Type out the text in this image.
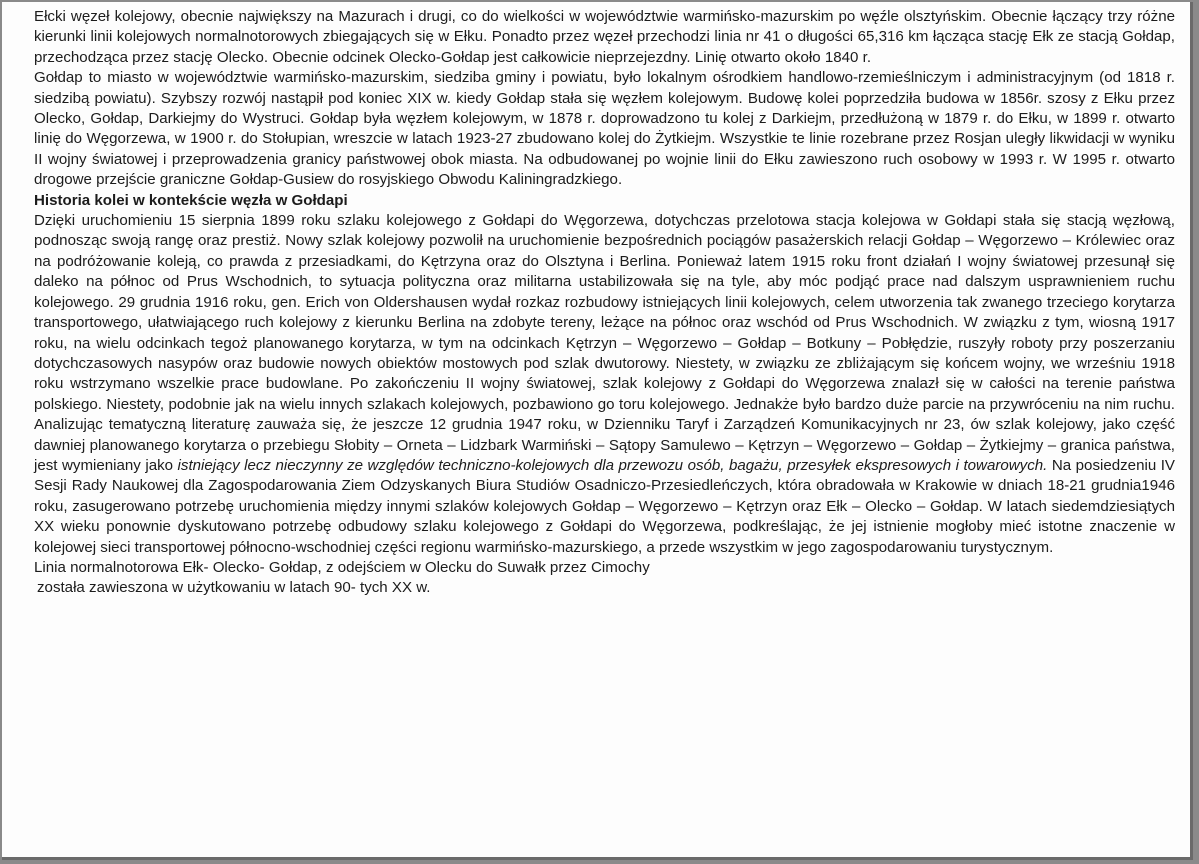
Ełcki węzeł kolejowy, obecnie największy na Mazurach i drugi, co do wielkości w województwie warmińsko-mazurskim po węźle olsztyńskim. Obecnie łączący trzy różne kierunki linii kolejowych normalnotorowych zbiegających się w Ełku. Ponadto przez węzeł przechodzi linia nr 41 o długości 65,316 km łącząca stację Ełk ze stacją Gołdap, przechodząca przez stację Olecko. Obecnie odcinek Olecko-Gołdap jest całkowicie nieprzejezdny. Linię otwarto około 1840 r.

Gołdap to miasto w województwie warmińsko-mazurskim, siedziba gminy i powiatu, było lokalnym ośrodkiem handlowo-rzemieślniczym i administracyjnym (od 1818 r. siedzibą powiatu). Szybszy rozwój nastąpił pod koniec XIX w. kiedy Gołdap stała się węzłem kolejowym. Budowę kolei poprzedziła budowa w 1856r. szosy z Ełku przez Olecko, Gołdap, Darkiejmy do Wystruci. Gołdap była węzłem kolejowym, w 1878 r. doprowadzono tu kolej z Darkiejm, przedłużoną w 1879 r. do Ełku, w 1899 r. otwarto linię do Węgorzewa, w 1900 r. do Stołupian, wreszcie w latach 1923-27 zbudowano kolej do Żytkiejm. Wszystkie te linie rozebrane przez Rosjan uległy likwidacji w wyniku II wojny światowej i przeprowadzenia granicy państwowej obok miasta. Na odbudowanej po wojnie linii do Ełku zawieszono ruch osobowy w 1993 r. W 1995 r. otwarto drogowe przejście graniczne Gołdap-Gusiew do rosyjskiego Obwodu Kaliningradzkiego.

Historia kolei w kontekście węzła w Gołdapi

Dzięki uruchomieniu 15 sierpnia 1899 roku szlaku kolejowego z Gołdapi do Węgorzewa, dotychczas przelotowa stacja kolejowa w Gołdapi stała się stacją węzłową, podnosząc swoją rangę oraz prestiż. Nowy szlak kolejowy pozwolił na uruchomienie bezpośrednich pociągów pasażerskich relacji Gołdap – Węgorzewo – Królewiec oraz na podróżowanie koleją, co prawda z przesiadkami, do Kętrzyna oraz do Olsztyna i Berlina. Ponieważ latem 1915 roku front działań I wojny światowej przesunął się daleko na północ od Prus Wschodnich, to sytuacja polityczna oraz militarna ustabilizowała się na tyle, aby móc podjąć prace nad dalszym usprawnieniem ruchu kolejowego. 29 grudnia 1916 roku, gen. Erich von Oldershausen wydał rozkaz rozbudowy istniejących linii kolejowych, celem utworzenia tak zwanego trzeciego korytarza transportowego, ułatwiającego ruch kolejowy z kierunku Berlina na zdobyte tereny, leżące na północ oraz wschód od Prus Wschodnich. W związku z tym, wiosną 1917 roku, na wielu odcinkach tegoż planowanego korytarza, w tym na odcinkach Kętrzyn – Węgorzewo – Gołdap – Botkuny – Pobłędzie, ruszyły roboty przy poszerzaniu dotychczasowych nasypów oraz budowie nowych obiektów mostowych pod szlak dwutorowy. Niestety, w związku ze zbliżającym się końcem wojny, we wrześniu 1918 roku wstrzymano wszelkie prace budowlane. Po zakończeniu II wojny światowej, szlak kolejowy z Gołdapi do Węgorzewa znalazł się w całości na terenie państwa polskiego. Niestety, podobnie jak na wielu innych szlakach kolejowych, pozbawiono go toru kolejowego. Jednakże było bardzo duże parcie na przywróceniu na nim ruchu. Analizując tematyczną literaturę zauważa się, że jeszcze 12 grudnia 1947 roku, w Dzienniku Taryf i Zarządzeń Komunikacyjnych nr 23, ów szlak kolejowy, jako część dawniej planowanego korytarza o przebiegu Słobity – Orneta – Lidzbark Warmiński – Sątopy Samulewo – Kętrzyn – Węgorzewo – Gołdap – Żytkiejmy – granica państwa, jest wymieniany jako istniejący lecz nieczynny ze względów techniczno-kolejowych dla przewozu osób, bagażu, przesyłek ekspresowych i towarowych. Na posiedzeniu IV Sesji Rady Naukowej dla Zagospodarowania Ziem Odzyskanych Biura Studiów Osadniczo-Przesiedleńczych, która obradowała w Krakowie w dniach 18-21 grudnia1946 roku, zasugerowano potrzebę uruchomienia między innymi szlaków kolejowych Gołdap – Węgorzewo – Kętrzyn oraz Ełk – Olecko – Gołdap. W latach siedemdziesiątych XX wieku ponownie dyskutowano potrzebę odbudowy szlaku kolejowego z Gołdapi do Węgorzewa, podkreślając, że jej istnienie mogłoby mieć istotne znaczenie w kolejowej sieci transportowej północno-wschodniej części regionu warmińsko-mazurskiego, a przede wszystkim w jego zagospodarowaniu turystycznym.

Linia normalnotorowa Ełk- Olecko- Gołdap, z odejściem w Olecku do Suwałk przez Cimochy

została zawieszona w użytkowaniu w latach 90- tych XX w.
